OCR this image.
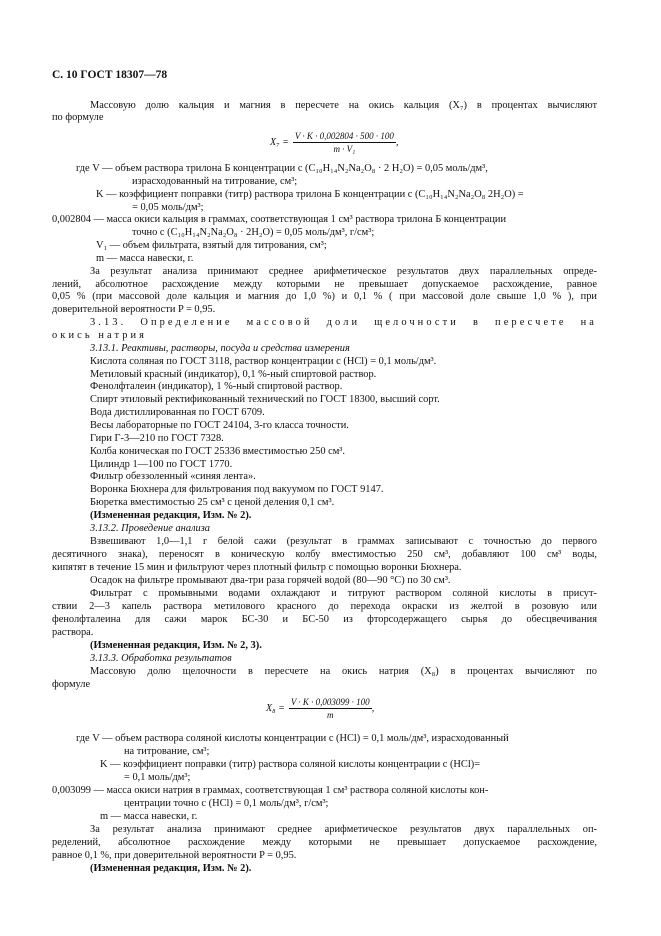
С. 10 ГОСТ 18307—78
Массовую долю кальция и магния в пересчете на окись кальция (X₇) в процентах вычисляют
по формуле
$X_7 = \frac{V \cdot K \cdot 0,002804 \cdot 500 \cdot 100}{\text{m · V₁}}$ ,
где V — объем раствора трилона Б концентрации c (C₁₀H₁₄N₂Na₂O₈ · 2 H₂O) = 0,05 моль/дм³,
израсходованный на титрование, см³;
K — коэффициент поправки (титр) раствора трилона Б концентрации c (C₁₀H₁₄N₂Na₂O₈ 2H₂O) =
= 0,05 моль/дм³;
0,002804 — масса окиси кальция в граммах, соответствующая 1 см³ раствора трилона Б концентрации
точно c (C₁₀H₁₄N₂Na₂O₈ · 2H₂O) = 0,05 моль/дм³, г/см³;
V₁ — объем фильтрата, взятый для титрования, см³;
m — масса навески, г.
За результат анализа принимают среднее арифметическое результатов двух параллельных опреде-
лений, абсолютное расхождение между которыми не превышает допускаемое расхождение, равное
0,05 % (при массовой доле кальция и магния до 1,0 %) и 0,1 % ( при массовой доле свыше 1,0 % ), при
доверительной вероятности P = 0,95.
3.13. Определение массовой доли щелочности в пересчете на
окись натрия
3.13.1. Реактивы, растворы, посуда и средства измерения
Кислота соляная по ГОСТ 3118, раствор концентрации c (HCl) = 0,1 моль/дм³.
Метиловый красный (индикатор), 0,1 %-ный спиртовой раствор.
Фенолфталеин (индикатор), 1 %-ный спиртовой раствор.
Спирт этиловый ректификованный технический по ГОСТ 18300, высший сорт.
Вода дистиллированная по ГОСТ 6709.
Весы лабораторные по ГОСТ 24104, 3-го класса точности.
Гири Г-3—210 по ГОСТ 7328.
Колба коническая по ГОСТ 25336 вместимостью 250 см³.
Цилиндр 1—100 по ГОСТ 1770.
Фильтр обеззоленный «синяя лента».
Воронка Бюхнера для фильтрования под вакуумом по ГОСТ 9147.
Бюретка вместимостью 25 см³ с ценой деления 0,1 см³.
(Измененная редакция, Изм. № 2).
3.13.2. Проведение анализа
Взвешивают 1,0—1,1 г белой сажи (результат в граммах записывают с точностью до первого
десятичного знака), переносят в коническую колбу вместимостью 250 см³, добавляют 100 см³ воды,
кипятят в течение 15 мин и фильтруют через плотный фильтр с помощью воронки Бюхнера.
Осадок на фильтре промывают два-три раза горячей водой (80—90 °С) по 30 см³.
Фильтрат с промывными водами охлаждают и титруют раствором соляной кислоты в присут-
ствии 2—3 капель раствора метилового красного до перехода окраски из желтой в розовую или
фенолфталеина для сажи марок БС-30 и БС-50 из фторсодержащего сырья до обесцвечивания
раствора.
(Измененная редакция, Изм. № 2, 3).
3.13.3. Обработка результатов
Массовую долю щелочности в пересчете на окись натрия (X₈) в процентах вычисляют по
формуле
$X_8 = \frac{V \cdot K \cdot 0,003099 \cdot 100}{m}$ ,
где V — объем раствора соляной кислоты концентрации c (HCl) = 0,1 моль/дм³, израсходованный
на титрование, см³;
K — коэффициент поправки (титр) раствора соляной кислоты концентрации c (HCl)=
= 0,1 моль/дм³;
0,003099 — масса окиси натрия в граммах, соответствующая 1 см³ раствора соляной кислоты кон-
центрации точно c (HCl) = 0,1 моль/дм³, г/см³;
m — масса навески, г.
За результат анализа принимают среднее арифметическое результатов двух параллельных оп-
ределений, абсолютное расхождение между которыми не превышает допускаемое расхождение,
равное 0,1 %, при доверительной вероятности P = 0,95.
(Измененная редакция, Изм. № 2).
